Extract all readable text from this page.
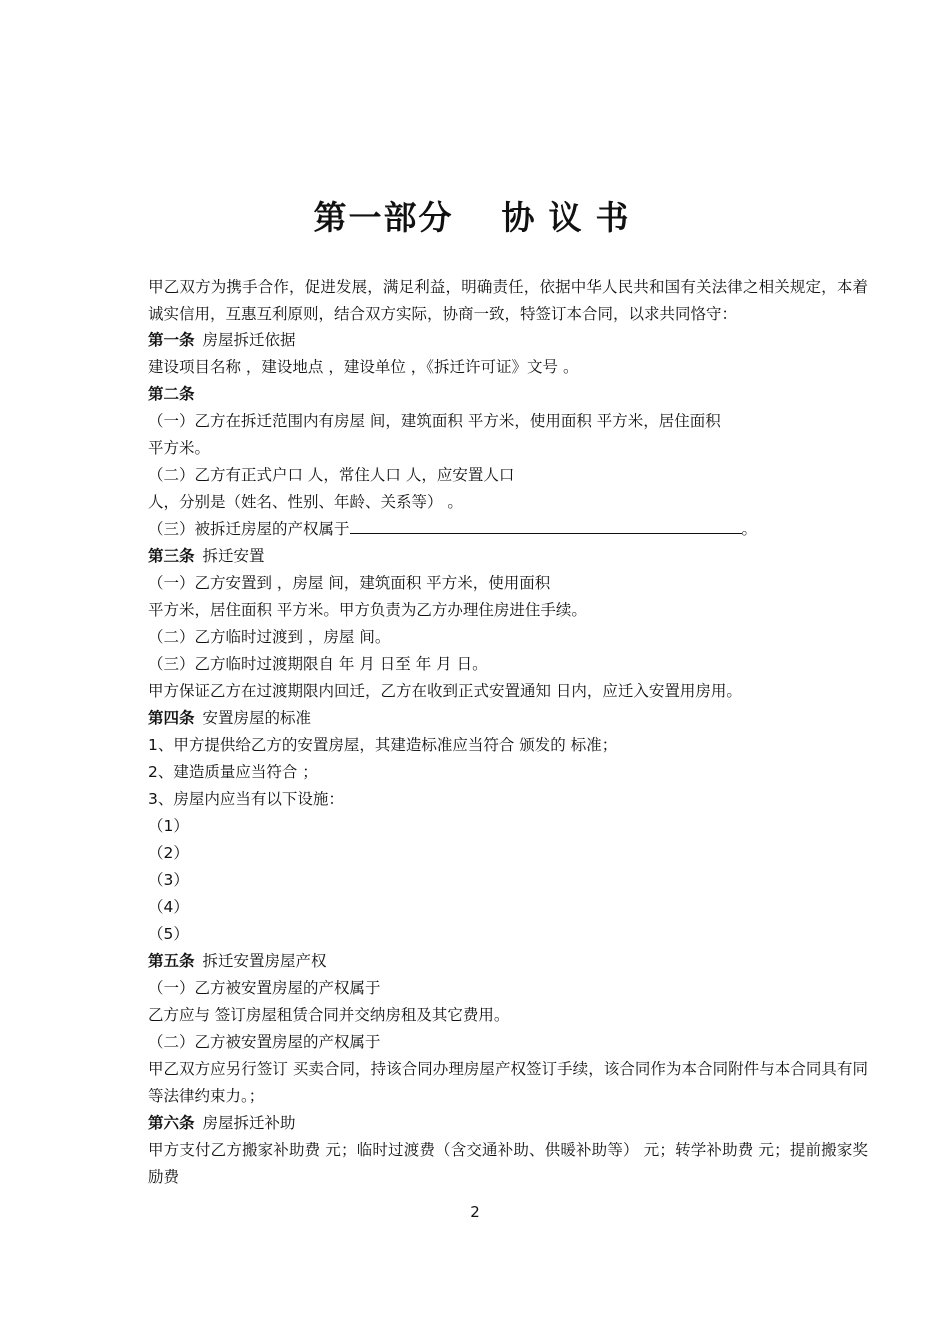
第一部分 协 议 书
甲乙双方为携手合作，促进发展，满足利益，明确责任，依据中华人民共和国有关法律之相关规定，本着诚实信用，互惠互利原则，结合双方实际，协商一致，特签订本合同，以求共同恪守：
第一条 房屋拆迁依据
建设项目名称 ，建设地点 ，建设单位 ，《拆迁许可证》文号 。
第二条
（一）乙方在拆迁范围内有房屋 间，建筑面积 平方米，使用面积 平方米，居住面积
平方米。
（二）乙方有正式户口 人，常住人口 人，应安置人口
人，分别是（姓名、性别、年龄、关系等） 。
（三）被拆迁房屋的产权属于	。
第三条 拆迁安置
（一）乙方安置到 ，房屋 间，建筑面积 平方米，使用面积
平方米，居住面积 平方米。甲方负责为乙方办理住房进住手续。
（二）乙方临时过渡到 ，房屋 间。
（三）乙方临时过渡期限自 年 月 日至 年 月 日。
甲方保证乙方在过渡期限内回迁，乙方在收到正式安置通知 日内，应迁入安置用房用。
第四条 安置房屋的标准
1、甲方提供给乙方的安置房屋，其建造标准应当符合 颁发的 标准；
2、建造质量应当符合 ；
3、房屋内应当有以下设施：
（1）
（2）
（3）
（4）
（5）
第五条 拆迁安置房屋产权
（一）乙方被安置房屋的产权属于
乙方应与 签订房屋租赁合同并交纳房租及其它费用。
（二）乙方被安置房屋的产权属于
甲乙双方应另行签订 买卖合同，持该合同办理房屋产权签订手续，该合同作为本合同附件与本合同具有同等法律约束力。；
第六条 房屋拆迁补助
甲方支付乙方搬家补助费 元；临时过渡费（含交通补助、供暖补助等） 元；转学补助费 元；提前搬家奖励费
2
